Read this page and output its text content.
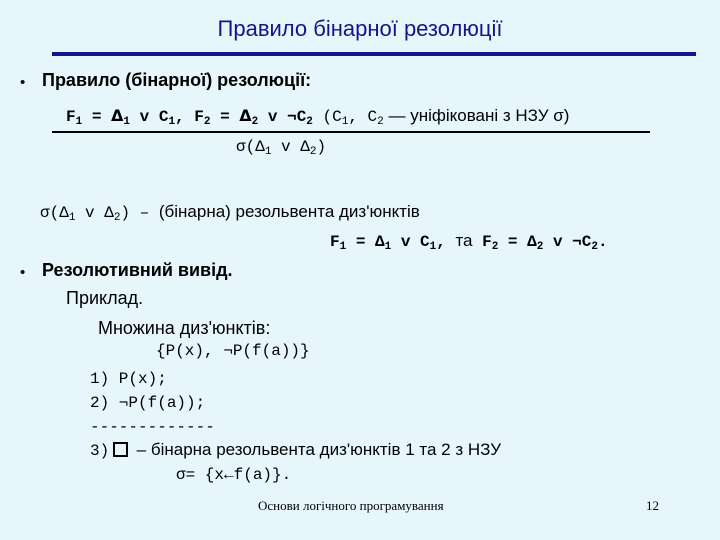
Правило бінарної резолюції
• Правило (бінарної) резолюції:
$F_1 = \Delta_1$ v $C_1$, $F_2 = \Delta_2$ v $\neg C_2$ ($C_1$, $C_2$ — уніфіковані з НЗУ σ)
$\sigma(\Delta_1$ v $\Delta_2$)
$\sigma(\Delta_1$ v $\Delta_2$) – (бінарна) резольвента диз'юнктів
$F_1 = \Delta_1$ v $C_1$, та $F_2 = \Delta_2$ v $\neg C_2$.
• Резолютивний вивід.
Приклад.
Множина диз'юнктів:
{P(x), ¬P(f(a))}
1) P(x);
2) ¬P(f(a));
-------------
3) – бінарна резольвента диз'юнктів 1 та 2 з НЗУ
σ= {x←f(a)}.
Основи логічного програмування	12
